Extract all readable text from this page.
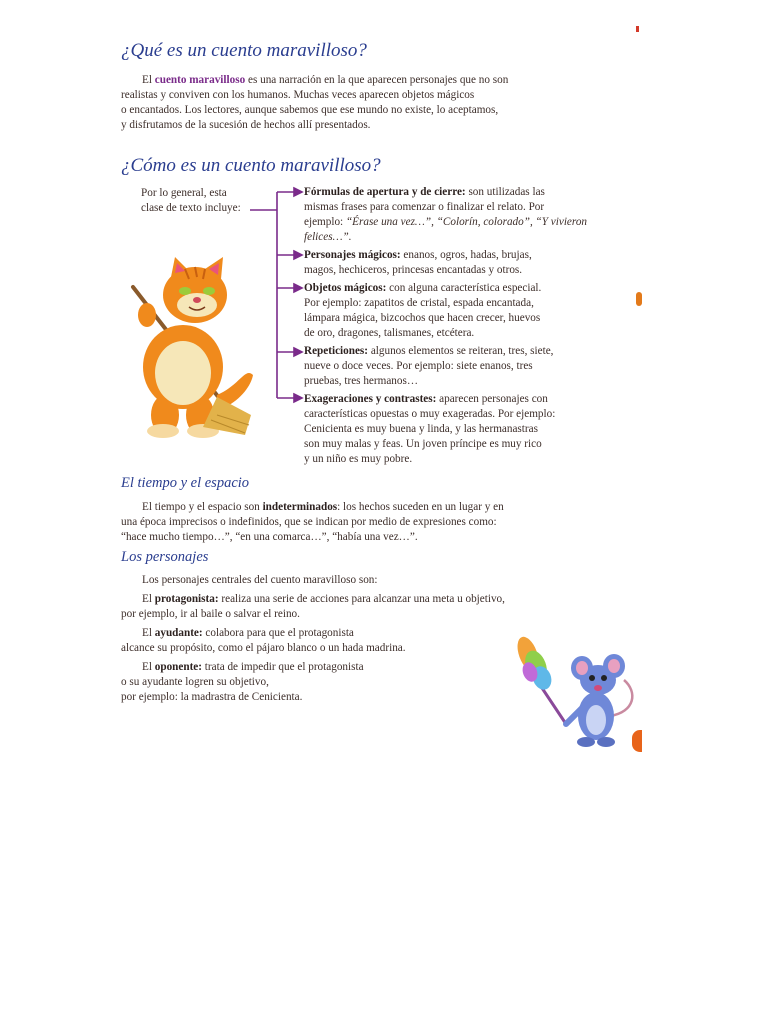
¿Qué es un cuento maravilloso?
El cuento maravilloso es una narración en la que aparecen personajes que no son
realistas y conviven con los humanos. Muchas veces aparecen objetos mágicos
o encantados. Los lectores, aunque sabemos que ese mundo no existe, lo aceptamos,
y disfrutamos de la sucesión de hechos allí presentados.
¿Cómo es un cuento maravilloso?
Por lo general, esta
clase de texto incluye:
Fórmulas de apertura y de cierre: son utilizadas las
mismas frases para comenzar o finalizar el relato. Por
ejemplo: “Érase una vez…”, “Colorín, colorado”, “Y vivieron
felices…”.
Personajes mágicos: enanos, ogros, hadas, brujas,
magos, hechiceros, princesas encantadas y otros.
Objetos mágicos: con alguna característica especial.
Por ejemplo: zapatitos de cristal, espada encantada,
lámpara mágica, bizcochos que hacen crecer, huevos
de oro, dragones, talismanes, etcétera.
Repeticiones: algunos elementos se reiteran, tres, siete,
nueve o doce veces. Por ejemplo: siete enanos, tres
pruebas, tres hermanos…
Exageraciones y contrastes: aparecen personajes con
características opuestas o muy exageradas. Por ejemplo:
Cenicienta es muy buena y linda, y las hermanastras
son muy malas y feas. Un joven príncipe es muy rico
y un niño es muy pobre.
El tiempo y el espacio
El tiempo y el espacio son indeterminados: los hechos suceden en un lugar y en
una época imprecisos o indefinidos, que se indican por medio de expresiones como:
“hace mucho tiempo…”, “en una comarca…”, “había una vez…”.
Los personajes
Los personajes centrales del cuento maravilloso son:
El protagonista: realiza una serie de acciones para alcanzar una meta u objetivo,
por ejemplo, ir al baile o salvar el reino.
El ayudante: colabora para que el protagonista
alcance su propósito, como el pájaro blanco o un hada madrina.
El oponente: trata de impedir que el protagonista
o su ayudante logren su objetivo,
por ejemplo: la madrastra de Cenicienta.
